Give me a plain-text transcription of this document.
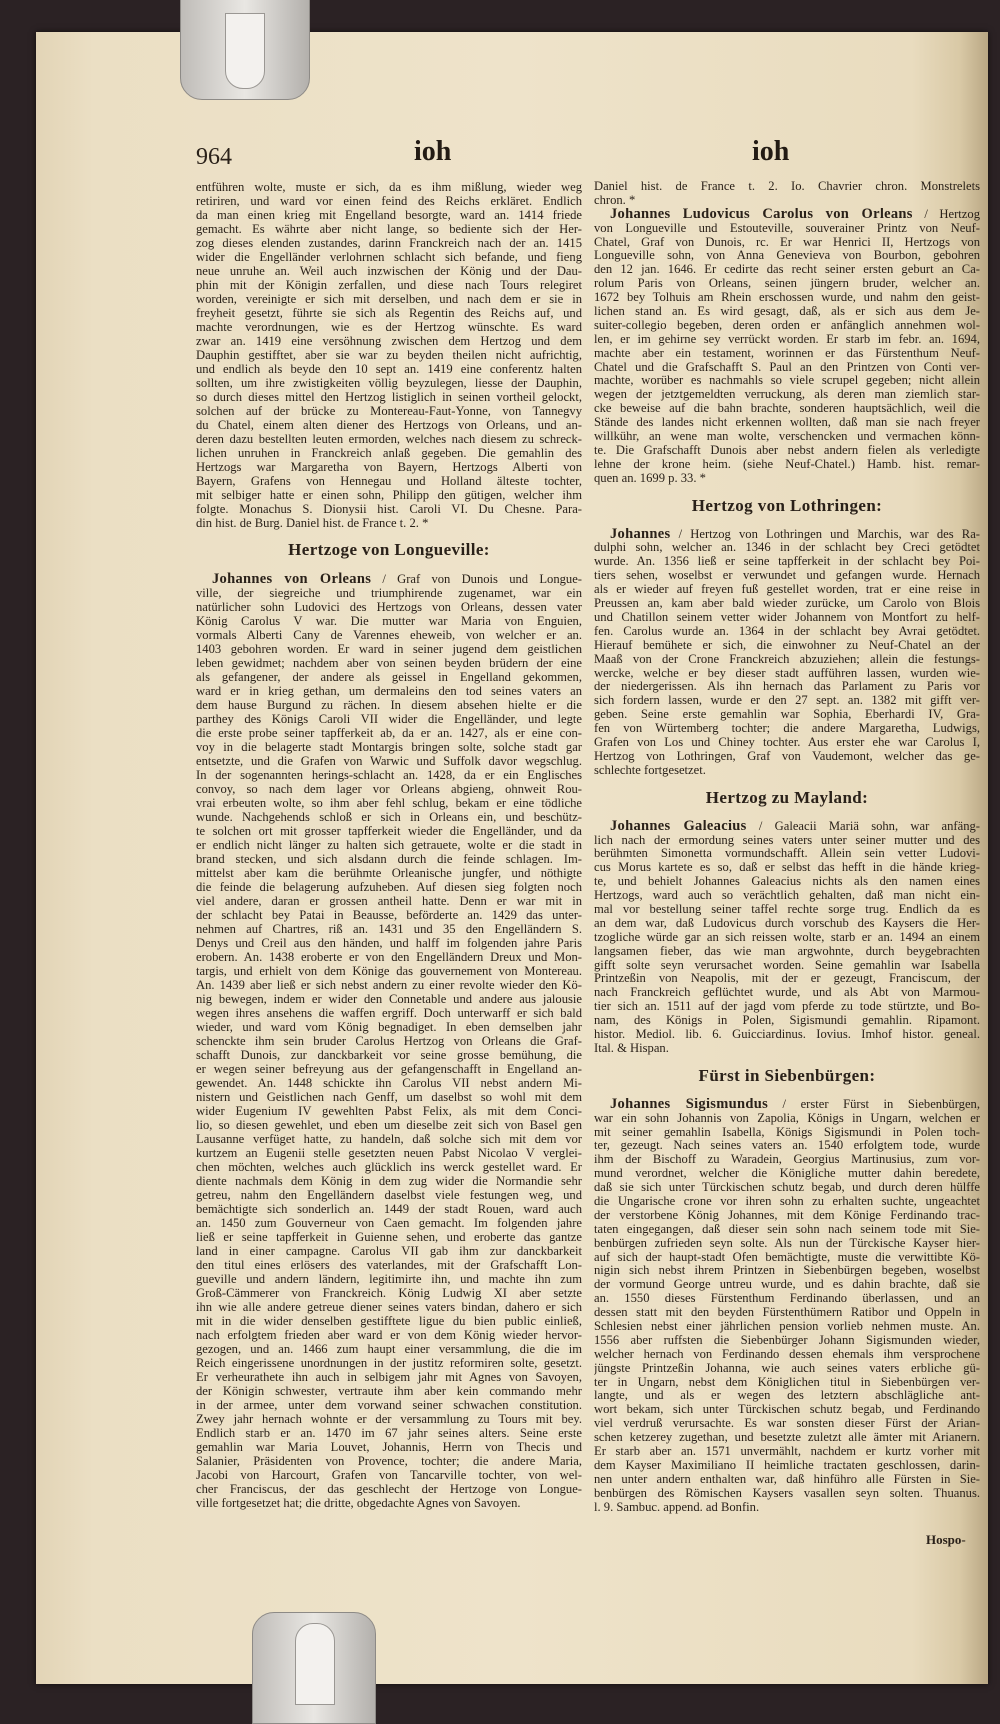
964	ioh	ioh
entführen wolte, muste er sich, da es ihm mißlung, wieder weg
retiriren, und ward vor einen feind des Reichs erkläret. Endlich
da man einen krieg mit Engelland besorgte, ward an. 1414 friede
gemacht. Es währte aber nicht lange, so bediente sich der Her-
zog dieses elenden zustandes, darinn Franckreich nach der an. 1415
wider die Engelländer verlohrnen schlacht sich befande, und fieng
neue unruhe an. Weil auch inzwischen der König und der Dau-
phin mit der Königin zerfallen, und diese nach Tours relegiret
worden, vereinigte er sich mit derselben, und nach dem er sie in
freyheit gesetzt, führte sie sich als Regentin des Reichs auf, und
machte verordnungen, wie es der Hertzog wünschte. Es ward
zwar an. 1419 eine versöhnung zwischen dem Hertzog und dem
Dauphin gestifftet, aber sie war zu beyden theilen nicht aufrichtig,
und endlich als beyde den 10 sept an. 1419 eine conferentz halten
sollten, um ihre zwistigkeiten völlig beyzulegen, liesse der Dauphin,
so durch dieses mittel den Hertzog listiglich in seinen vortheil gelockt,
solchen auf der brücke zu Montereau-Faut-Yonne, von Tannegvy
du Chatel, einem alten diener des Hertzogs von Orleans, und an-
deren dazu bestellten leuten ermorden, welches nach diesem zu schreck-
lichen unruhen in Franckreich anlaß gegeben. Die gemahlin des
Hertzogs war Margaretha von Bayern, Hertzogs Alberti von
Bayern, Grafens von Hennegau und Holland älteste tochter,
mit selbiger hatte er einen sohn, Philipp den gütigen, welcher ihm
folgte. Monachus S. Dionysii hist. Caroli VI. Du Chesne. Para-
din hist. de Burg. Daniel hist. de France t. 2. *
Hertzoge von Longueville:
Johannes von Orleans / Graf von Dunois und Longue-
ville, der siegreiche und triumphirende zugenamet, war ein
natürlicher sohn Ludovici des Hertzogs von Orleans, dessen vater
König Carolus V war. Die mutter war Maria von Enguien,
vormals Alberti Cany de Varennes eheweib, von welcher er an.
1403 gebohren worden. Er ward in seiner jugend dem geistlichen
leben gewidmet; nachdem aber von seinen beyden brüdern der eine
als gefangener, der andere als geissel in Engelland gekommen,
ward er in krieg gethan, um dermaleins den tod seines vaters an
dem hause Burgund zu rächen. In diesem absehen hielte er die
parthey des Königs Caroli VII wider die Engelländer, und legte
die erste probe seiner tapfferkeit ab, da er an. 1427, als er eine con-
voy in die belagerte stadt Montargis bringen solte, solche stadt gar
entsetzte, und die Grafen von Warwic und Suffolk davor wegschlug.
In der sogenannten herings-schlacht an. 1428, da er ein Englisches
convoy, so nach dem lager vor Orleans abgieng, ohnweit Rou-
vrai erbeuten wolte, so ihm aber fehl schlug, bekam er eine tödliche
wunde. Nachgehends schloß er sich in Orleans ein, und beschütz-
te solchen ort mit grosser tapfferkeit wieder die Engelländer, und da
er endlich nicht länger zu halten sich getrauete, wolte er die stadt in
brand stecken, und sich alsdann durch die feinde schlagen. Im-
mittelst aber kam die berühmte Orleanische jungfer, und nöthigte
die feinde die belagerung aufzuheben. Auf diesen sieg folgten noch
viel andere, daran er grossen antheil hatte. Denn er war mit in
der schlacht bey Patai in Beausse, beförderte an. 1429 das unter-
nehmen auf Chartres, riß an. 1431 und 35 den Engelländern S.
Denys und Creil aus den händen, und halff im folgenden jahre Paris
erobern. An. 1438 eroberte er von den Engelländern Dreux und Mon-
targis, und erhielt von dem Könige das gouvernement von Montereau.
An. 1439 aber ließ er sich nebst andern zu einer revolte wieder den Kö-
nig bewegen, indem er wider den Connetable und andere aus jalousie
wegen ihres ansehens die waffen ergriff. Doch unterwarff er sich bald
wieder, und ward vom König begnadiget. In eben demselben jahr
schenckte ihm sein bruder Carolus Hertzog von Orleans die Graf-
schafft Dunois, zur danckbarkeit vor seine grosse bemühung, die
er wegen seiner befreyung aus der gefangenschafft in Engelland an-
gewendet. An. 1448 schickte ihn Carolus VII nebst andern Mi-
nistern und Geistlichen nach Genff, um daselbst so wohl mit dem
wider Eugenium IV gewehlten Pabst Felix, als mit dem Conci-
lio, so diesen gewehlet, und eben um dieselbe zeit sich von Basel gen
Lausanne verfüget hatte, zu handeln, daß solche sich mit dem vor
kurtzem an Eugenii stelle gesetzten neuen Pabst Nicolao V verglei-
chen möchten, welches auch glücklich ins werck gestellet ward. Er
diente nachmals dem König in dem zug wider die Normandie sehr
getreu, nahm den Engelländern daselbst viele festungen weg, und
bemächtigte sich sonderlich an. 1449 der stadt Rouen, ward auch
an. 1450 zum Gouverneur von Caen gemacht. Im folgenden jahre
ließ er seine tapfferkeit in Guienne sehen, und eroberte das gantze
land in einer campagne. Carolus VII gab ihm zur danckbarkeit
den titul eines erlösers des vaterlandes, mit der Grafschafft Lon-
gueville und andern ländern, legitimirte ihn, und machte ihn zum
Groß-Cämmerer von Franckreich. König Ludwig XI aber setzte
ihn wie alle andere getreue diener seines vaters bindan, dahero er sich
mit in die wider denselben gestifftete ligue du bien public einließ,
nach erfolgtem frieden aber ward er von dem König wieder hervor-
gezogen, und an. 1466 zum haupt einer versammlung, die die im
Reich eingerissene unordnungen in der justitz reformiren solte, gesetzt.
Er verheurathete ihn auch in selbigem jahr mit Agnes von Savoyen,
der Königin schwester, vertraute ihm aber kein commando mehr
in der armee, unter dem vorwand seiner schwachen constitution.
Zwey jahr hernach wohnte er der versammlung zu Tours mit bey.
Endlich starb er an. 1470 im 67 jahr seines alters. Seine erste
gemahlin war Maria Louvet, Johannis, Herrn von Thecis und
Salanier, Präsidenten von Provence, tochter; die andere Maria,
Jacobi von Harcourt, Grafen von Tancarville tochter, von wel-
cher Franciscus, der das geschlecht der Hertzoge von Longue-
ville fortgesetzet hat; die dritte, obgedachte Agnes von Savoyen.
Daniel hist. de France t. 2. Io. Chavrier chron. Monstrelets
chron. *
Johannes Ludovicus Carolus von Orleans / Hertzog
von Longueville und Estouteville, souverainer Printz von Neuf-
Chatel, Graf von Dunois, rc. Er war Henrici II, Hertzogs von
Longueville sohn, von Anna Genevieva von Bourbon, gebohren
den 12 jan. 1646. Er cedirte das recht seiner ersten geburt an Ca-
rolum Paris von Orleans, seinen jüngern bruder, welcher an.
1672 bey Tolhuis am Rhein erschossen wurde, und nahm den geist-
lichen stand an. Es wird gesagt, daß, als er sich aus dem Je-
suiter-collegio begeben, deren orden er anfänglich annehmen wol-
len, er im gehirne sey verrückt worden. Er starb im febr. an. 1694,
machte aber ein testament, worinnen er das Fürstenthum Neuf-
Chatel und die Grafschafft S. Paul an den Printzen von Conti ver-
machte, worüber es nachmahls so viele scrupel gegeben; nicht allein
wegen der jetztgemeldten verruckung, als deren man ziemlich star-
cke beweise auf die bahn brachte, sonderen hauptsächlich, weil die
Stände des landes nicht erkennen wollten, daß man sie nach freyer
willkühr, an wene man wolte, verschencken und vermachen könn-
te. Die Grafschafft Dunois aber nebst andern fielen als verledigte
lehne der krone heim. (siehe Neuf-Chatel.) Hamb. hist. remar-
quen an. 1699 p. 33. *
Hertzog von Lothringen:
Johannes / Hertzog von Lothringen und Marchis, war des Ra-
dulphi sohn, welcher an. 1346 in der schlacht bey Creci getödtet
wurde. An. 1356 ließ er seine tapfferkeit in der schlacht bey Poi-
tiers sehen, woselbst er verwundet und gefangen wurde. Hernach
als er wieder auf freyen fuß gestellet worden, trat er eine reise in
Preussen an, kam aber bald wieder zurücke, um Carolo von Blois
und Chatillon seinem vetter wider Johannem von Montfort zu helf-
fen. Carolus wurde an. 1364 in der schlacht bey Avrai getödtet.
Hierauf bemühete er sich, die einwohner zu Neuf-Chatel an der
Maaß von der Crone Franckreich abzuziehen; allein die festungs-
wercke, welche er bey dieser stadt aufführen lassen, wurden wie-
der niedergerissen. Als ihn hernach das Parlament zu Paris vor
sich fordern lassen, wurde er den 27 sept. an. 1382 mit gifft ver-
geben. Seine erste gemahlin war Sophia, Eberhardi IV, Gra-
fen von Würtemberg tochter; die andere Margaretha, Ludwigs,
Grafen von Los und Chiney tochter. Aus erster ehe war Carolus I,
Hertzog von Lothringen, Graf von Vaudemont, welcher das ge-
schlechte fortgesetzet.
Hertzog zu Mayland:
Johannes Galeacius / Galeacii Mariä sohn, war anfäng-
lich nach der ermordung seines vaters unter seiner mutter und des
berühmten Simonetta vormundschafft. Allein sein vetter Ludovi-
cus Morus kartete es so, daß er selbst das hefft in die hände krieg-
te, und behielt Johannes Galeacius nichts als den namen eines
Hertzogs, ward auch so verächtlich gehalten, daß man nicht ein-
mal vor bestellung seiner taffel rechte sorge trug. Endlich da es
an dem war, daß Ludovicus durch vorschub des Kaysers die Her-
tzogliche würde gar an sich reissen wolte, starb er an. 1494 an einem
langsamen fieber, das wie man argwohnte, durch beygebrachten
gifft solte seyn verursachet worden. Seine gemahlin war Isabella
Printzeßin von Neapolis, mit der er gezeugt, Franciscum, der
nach Franckreich geflüchtet wurde, und als Abt von Marmou-
tier sich an. 1511 auf der jagd vom pferde zu tode stürtzte, und Bo-
nam, des Königs in Polen, Sigismundi gemahlin. Ripamont.
histor. Mediol. lib. 6. Guicciardinus. Iovius. Imhof histor. geneal.
Ital. & Hispan.
Fürst in Siebenbürgen:
Johannes Sigismundus / erster Fürst in Siebenbürgen,
war ein sohn Johannis von Zapolia, Königs in Ungarn, welchen er
mit seiner gemahlin Isabella, Königs Sigismundi in Polen toch-
ter, gezeugt. Nach seines vaters an. 1540 erfolgtem tode, wurde
ihm der Bischoff zu Waradein, Georgius Martinusius, zum vor-
mund verordnet, welcher die Königliche mutter dahin beredete,
daß sie sich unter Türckischen schutz begab, und durch deren hülffe
die Ungarische crone vor ihren sohn zu erhalten suchte, ungeachtet
der verstorbene König Johannes, mit dem Könige Ferdinando trac-
taten eingegangen, daß dieser sein sohn nach seinem tode mit Sie-
benbürgen zufrieden seyn solte. Als nun der Türckische Kayser hier-
auf sich der haupt-stadt Ofen bemächtigte, muste die verwittibte Kö-
nigin sich nebst ihrem Printzen in Siebenbürgen begeben, woselbst
der vormund George untreu wurde, und es dahin brachte, daß sie
an. 1550 dieses Fürstenthum Ferdinando überlassen, und an
dessen statt mit den beyden Fürstenthümern Ratibor und Oppeln in
Schlesien nebst einer jährlichen pension vorlieb nehmen muste. An.
1556 aber ruffsten die Siebenbürger Johann Sigismunden wieder,
welcher hernach von Ferdinando dessen ehemals ihm versprochene
jüngste Printzeßin Johanna, wie auch seines vaters erbliche gü-
ter in Ungarn, nebst dem Königlichen titul in Siebenbürgen ver-
langte, und als er wegen des letztern abschlägliche ant-
wort bekam, sich unter Türckischen schutz begab, und Ferdinando
viel verdruß verursachte. Es war sonsten dieser Fürst der Arian-
schen ketzerey zugethan, und besetzte zuletzt alle ämter mit Arianern.
Er starb aber an. 1571 unvermählt, nachdem er kurtz vorher mit
dem Kayser Maximiliano II heimliche tractaten geschlossen, darin-
nen unter andern enthalten war, daß hinführo alle Fürsten in Sie-
benbürgen des Römischen Kaysers vasallen seyn solten. Thuanus.
l. 9. Sambuc. append. ad Bonfin.
Hospo-
